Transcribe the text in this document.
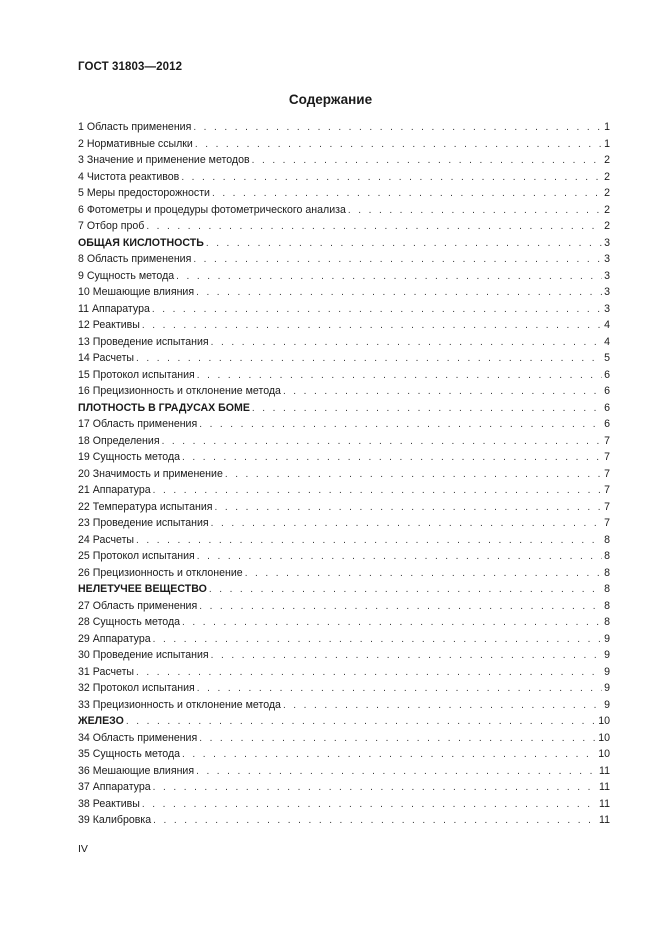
ГОСТ 31803—2012
Содержание
1 Область применения . . .	1
2 Нормативные ссылки . . .	1
3 Значение и применение методов . . .	2
4 Чистота реактивов . . .	2
5 Меры предосторожности . . .	2
6 Фотометры и процедуры фотометрического анализа . . .	2
7 Отбор проб . . .	2
ОБЩАЯ КИСЛОТНОСТЬ . . .	3
8 Область применения . . .	3
9 Сущность метода . . .	3
10 Мешающие влияния . . .	3
11 Аппаратура . . .	3
12 Реактивы . . .	4
13 Проведение испытания . . .	4
14 Расчеты . . .	5
15 Протокол испытания . . .	6
16 Прецизионность и отклонение метода . . .	6
ПЛОТНОСТЬ В ГРАДУСАХ БОМЕ . . .	6
17 Область применения . . .	6
18 Определения . . .	7
19 Сущность метода . . .	7
20 Значимость и применение . . .	7
21 Аппаратура . . .	7
22 Температура испытания . . .	7
23 Проведение испытания . . .	7
24 Расчеты . . .	8
25 Протокол испытания . . .	8
26 Прецизионность и отклонение . . .	8
НЕЛЕТУЧЕЕ ВЕЩЕСТВО . . .	8
27 Область применения . . .	8
28 Сущность метода . . .	8
29 Аппаратура . . .	9
30 Проведение испытания . . .	9
31 Расчеты . . .	9
32 Протокол испытания . . .	9
33 Прецизионность и отклонение метода . . .	9
ЖЕЛЕЗО . . .	10
34 Область применения . . .	10
35 Сущность метода . . .	10
36 Мешающие влияния . . .	11
37 Аппаратура . . .	11
38 Реактивы . . .	11
39 Калибровка . . .	11
IV
